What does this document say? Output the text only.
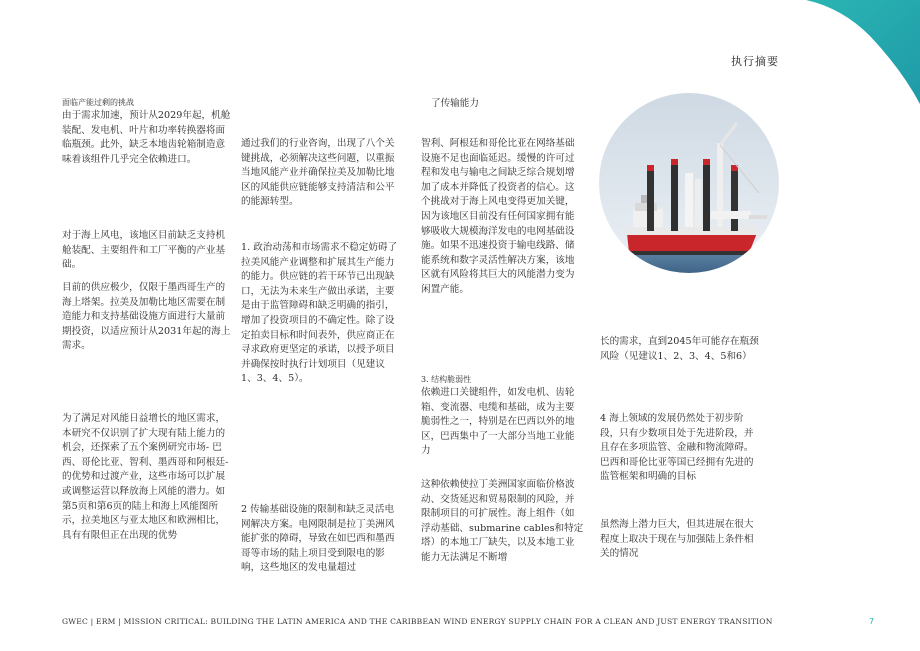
执行摘要

面临产能过剩的挑战

由于需求加速，预计从2029年起，机舱装配、发电机、叶片和功率转换器将面临瓶颈。此外，缺乏本地齿轮箱制造意味着该组件几乎完全依赖进口。

对于海上风电，该地区目前缺乏支持机舱装配、主要组件和工厂平衡的产业基础。

目前的供应极少，仅限于墨西哥生产的海上塔架。拉美及加勒比地区需要在制造能力和支持基础设施方面进行大量前期投资，以适应预计从2031年起的海上需求。

为了满足对风能日益增长的地区需求，本研究不仅识别了扩大现有陆上能力的机会，还探索了五个案例研究市场- 巴西、哥伦比亚、智利、墨西哥和阿根廷- 的优势和过渡产业，这些市场可以扩展或调整运营以释放海上风能的潜力。如第5页和第6页的陆上和海上风能图所示，拉美地区与亚太地区和欧洲相比，具有有限但正在出现的优势

通过我们的行业咨询，出现了八个关键挑战，必须解决这些问题，以重振当地风能产业并确保拉美及加勒比地区的风能供应链能够支持清洁和公平的能源转型。

1. 政治动荡和市场需求不稳定妨碍了拉美风能产业调整和扩展其生产能力的能力。供应链的若干环节已出现缺口，无法为未来生产做出承诺，主要是由于监管障碍和缺乏明确的指引，增加了投资项目的不确定性。除了设定拍卖目标和时间表外，供应商正在寻求政府更坚定的承诺，以授予项目并确保按时执行计划项目（见建议1、3、4、5）。

2 传输基础设施的限制和缺乏灵活电网解决方案。电网限制是拉丁美洲风能扩张的障碍，导致在如巴西和墨西哥等市场的陆上项目受到限电的影响，这些地区的发电量超过

了传输能力

智利、阿根廷和哥伦比亚在网络基础设施不足也面临延迟。缓慢的许可过程和发电与输电之间缺乏综合规划增加了成本并降低了投资者的信心。这个挑战对于海上风电变得更加关键，因为该地区目前没有任何国家拥有能够吸收大规模海洋发电的电网基础设施。如果不迅速投资于输电线路、储能系统和数字灵活性解决方案，该地区就有风险将其巨大的风能潜力变为闲置产能。

3. 结构脆弱性

依赖进口关键组件，如发电机、齿轮箱、变流器、电缆和基础，成为主要脆弱性之一，特别是在巴西以外的地区，巴西集中了一大部分当地工业能力

这种依赖使拉丁美洲国家面临价格波动、交货延迟和贸易限制的风险，并限制项目的可扩展性。海上组件（如浮动基础、submarine cables和特定塔）的本地工厂缺失，以及本地工业能力无法满足不断增

长的需求，直到2045年可能存在瓶颈风险（见建议1、2、3、4、5和6）

4 海上领域的发展仍然处于初步阶段，只有少数项目处于先进阶段，并且存在多项监管、金融和物流障碍。巴西和哥伦比亚等国已经拥有先进的监管框架和明确的目标

虽然海上潜力巨大，但其进展在很大程度上取决于现在与加强陆上条件相关的情况

GWEC | ERM | MISSION CRITICAL: BUILDING THE LATIN AMERICA AND THE CARIBBEAN WIND ENERGY SUPPLY CHAIN FOR A CLEAN AND JUST ENERGY TRANSITION	7
